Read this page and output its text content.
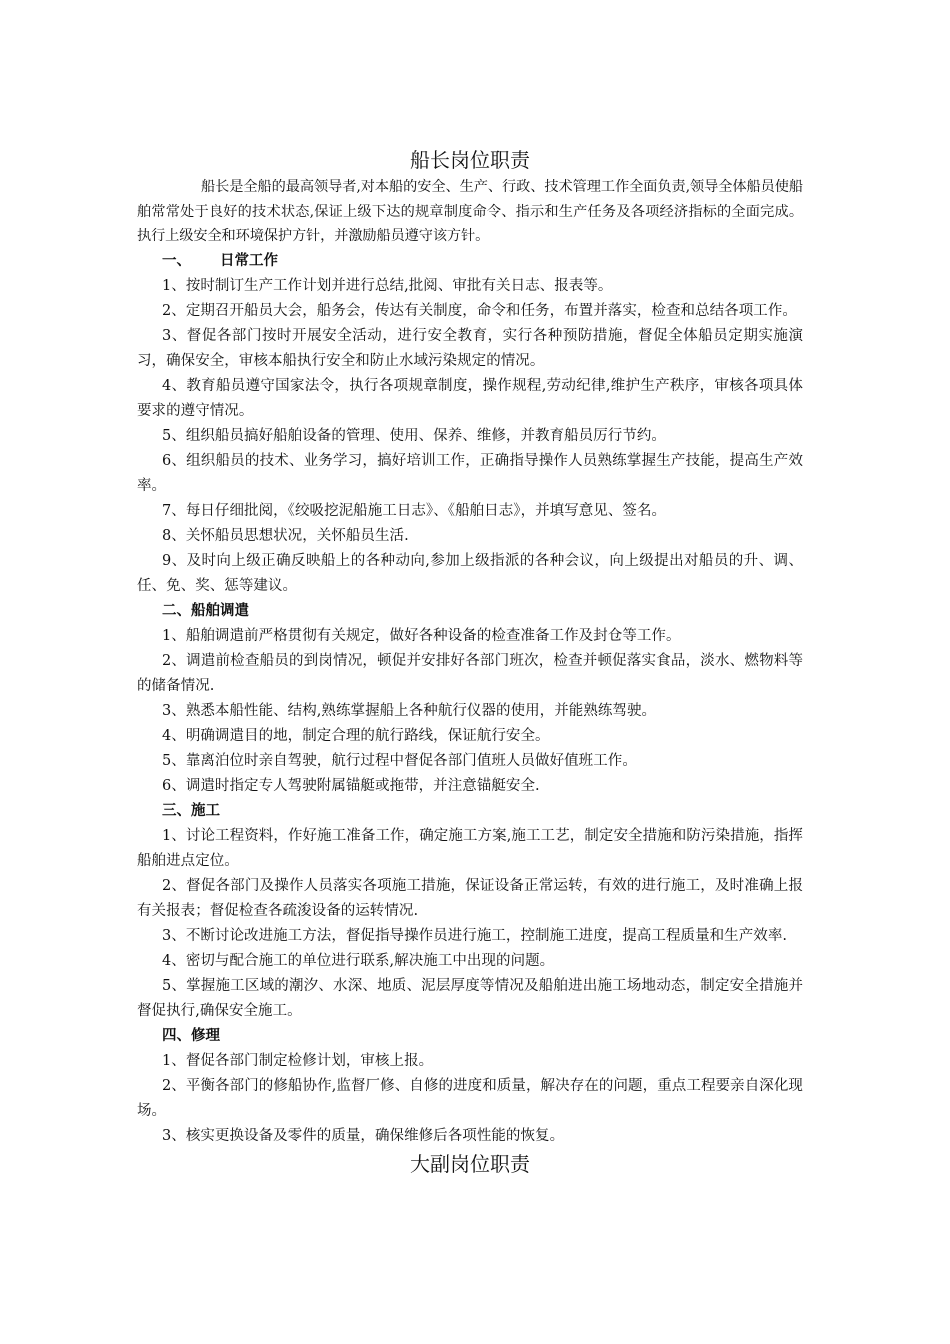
船长岗位职责

船长是全船的最高领导者,对本船的安全、生产、行政、技术管理工作全面负责,领导全体船员使船舶常常处于良好的技术状态,保证上级下达的规章制度命令、指示和生产任务及各项经济指标的全面完成。执行上级安全和环境保护方针，并激励船员遵守该方针。

一、 日常工作

1、按时制订生产工作计划并进行总结,批阅、审批有关日志、报表等。

2、定期召开船员大会，船务会，传达有关制度，命令和任务，布置并落实，检查和总结各项工作。

3、督促各部门按时开展安全活动，进行安全教育，实行各种预防措施，督促全体船员定期实施演习，确保安全，审核本船执行安全和防止水域污染规定的情况。

4、教育船员遵守国家法令，执行各项规章制度，操作规程,劳动纪律,维护生产秩序，审核各项具体要求的遵守情况。

5、组织船员搞好船舶设备的管理、使用、保养、维修，并教育船员厉行节约。

6、组织船员的技术、业务学习，搞好培训工作，正确指导操作人员熟练掌握生产技能，提高生产效率。

7、每日仔细批阅，《绞吸挖泥船施工日志》、《船舶日志》，并填写意见、签名。

8、关怀船员思想状况，关怀船员生活.

9、及时向上级正确反映船上的各种动向,参加上级指派的各种会议，向上级提出对船员的升、调、任、免、奖、惩等建议。

二、船舶调遣

1、船舶调遣前严格贯彻有关规定，做好各种设备的检查准备工作及封仓等工作。

2、调遣前检查船员的到岗情况，顿促并安排好各部门班次，检查并顿促落实食品，淡水、燃物料等的储备情况.

3、熟悉本船性能、结构,熟练掌握船上各种航行仪器的使用，并能熟练驾驶。

4、明确调遣目的地，制定合理的航行路线，保证航行安全。

5、靠离泊位时亲自驾驶，航行过程中督促各部门值班人员做好值班工作。

6、调遣时指定专人驾驶附属锚艇或拖带，并注意锚艇安全.

三、施工

1、讨论工程资料，作好施工准备工作，确定施工方案,施工工艺，制定安全措施和防污染措施，指挥船舶进点定位。

2、督促各部门及操作人员落实各项施工措施，保证设备正常运转，有效的进行施工，及时准确上报有关报表；督促检查各疏浚设备的运转情况.

3、不断讨论改进施工方法，督促指导操作员进行施工，控制施工进度，提高工程质量和生产效率.

4、密切与配合施工的单位进行联系,解决施工中出现的问题。

5、掌握施工区域的潮汐、水深、地质、泥层厚度等情况及船舶进出施工场地动态，制定安全措施并督促执行,确保安全施工。

四、修理

1、督促各部门制定检修计划，审核上报。

2、平衡各部门的修船协作,监督厂修、自修的进度和质量，解决存在的问题，重点工程要亲自深化现场。

3、核实更换设备及零件的质量，确保维修后各项性能的恢复。

大副岗位职责
